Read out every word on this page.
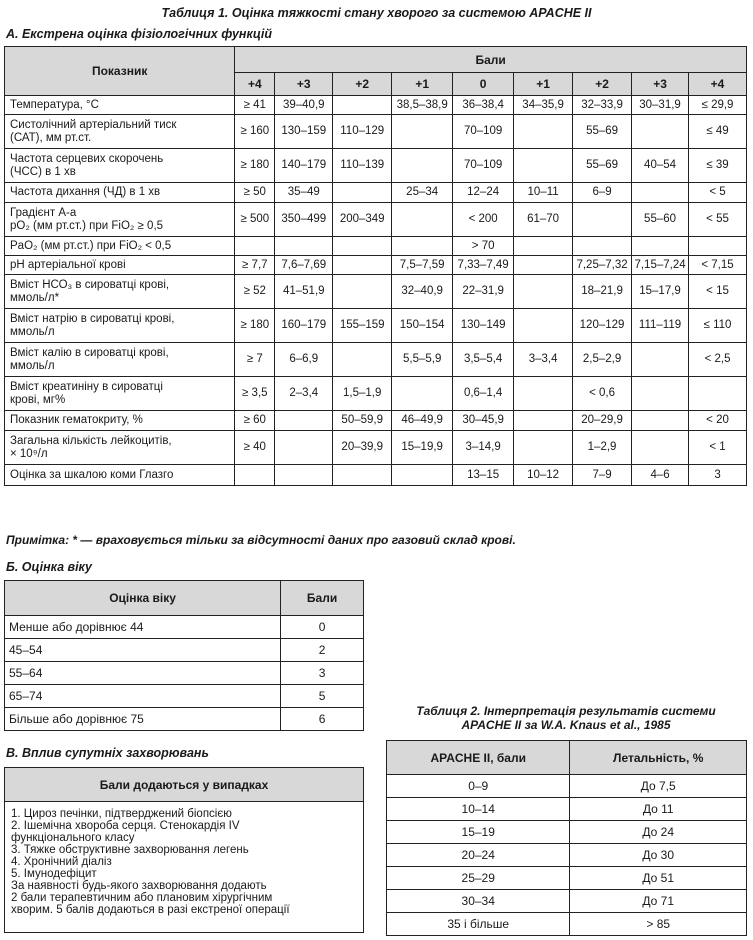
Таблиця 1. Оцінка тяжкості стану хворого за системою APACHE II
А. Екстрена оцінка фізіологічних функцій
Показник	Бали								
	+4	+3	+2	+1	0	+1	+2	+3	+4

Температура, °С	≥ 41	39–40,9		38,5–38,9	36–38,4	34–35,9	32–33,9	30–31,9	≤ 29,9

Систолічний артеріальний тиск
(САТ), мм рт.ст.	≥ 160	130–159	110–129		70–109		55–69		≤ 49

Частота серцевих скорочень
(ЧСС) в 1 хв	≥ 180	140–179	110–139		70–109		55–69	40–54	≤ 39

Частота дихання (ЧД) в 1 хв	≥ 50	35–49		25–34	12–24	10–11	6–9		< 5

Градієнт А-а
pO₂ (мм рт.ст.) при FiO₂ ≥ 0,5	≥ 500	350–499	200–349		< 200	61–70		55–60	< 55

PaO₂ (мм рт.ст.) при FiO₂ < 0,5					> 70				

pH артеріальної крові	≥ 7,7	7,6–7,69		7,5–7,59	7,33–7,49		7,25–7,32	7,15–7,24	< 7,15

Вміст НСО₃ в сироватці крові,
ммоль/л*	≥ 52	41–51,9		32–40,9	22–31,9		18–21,9	15–17,9	< 15

Вміст натрію в сироватці крові,
ммоль/л	≥ 180	160–179	155–159	150–154	130–149		120–129	111–119	≤ 110

Вміст калію в сироватці крові,
ммоль/л	≥ 7	6–6,9		5,5–5,9	3,5–5,4	3–3,4	2,5–2,9		< 2,5

Вміст креатиніну в сироватці
крові, мг%	≥ 3,5	2–3,4	1,5–1,9		0,6–1,4		< 0,6		

Показник гематокриту, %	≥ 60		50–59,9	46–49,9	30–45,9		20–29,9		< 20

Загальна кількість лейкоцитів,
× 10⁹/л	≥ 40		20–39,9	15–19,9	3–14,9		1–2,9		< 1

Оцінка за шкалою коми Глазго					13–15	10–12	7–9	4–6	3
Примітка: * — враховується тільки за відсутності даних про газовий склад крові.
Б. Оцінка віку
Оцінка віку	Бали
Менше або дорівнює 44	0
45–54	2
55–64	3
65–74	5
Більше або дорівнює 75	6
В. Вплив супутніх захворювань
Бали додаються у випадках

1. Цироз печінки, підтверджений біопсією
2. Ішемічна хвороба серця. Стенокардія IV
функціонального класу
3. Тяжке обструктивне захворювання легень
4. Хронічний діаліз
5. Імунодефіцит
За наявності будь-якого захворювання додають
2 бали терапевтичним або плановим хірургічним
хворим. 5 балів додаються в разі екстреної операції
Таблиця 2. Інтерпретація результатів системи
APACHE II за W.A. Knaus et al., 1985
APACHE II, бали	Летальність, %
0–9	До 7,5
10–14	До 11
15–19	До 24
20–24	До 30
25–29	До 51
30–34	До 71
35 і більше	> 85
